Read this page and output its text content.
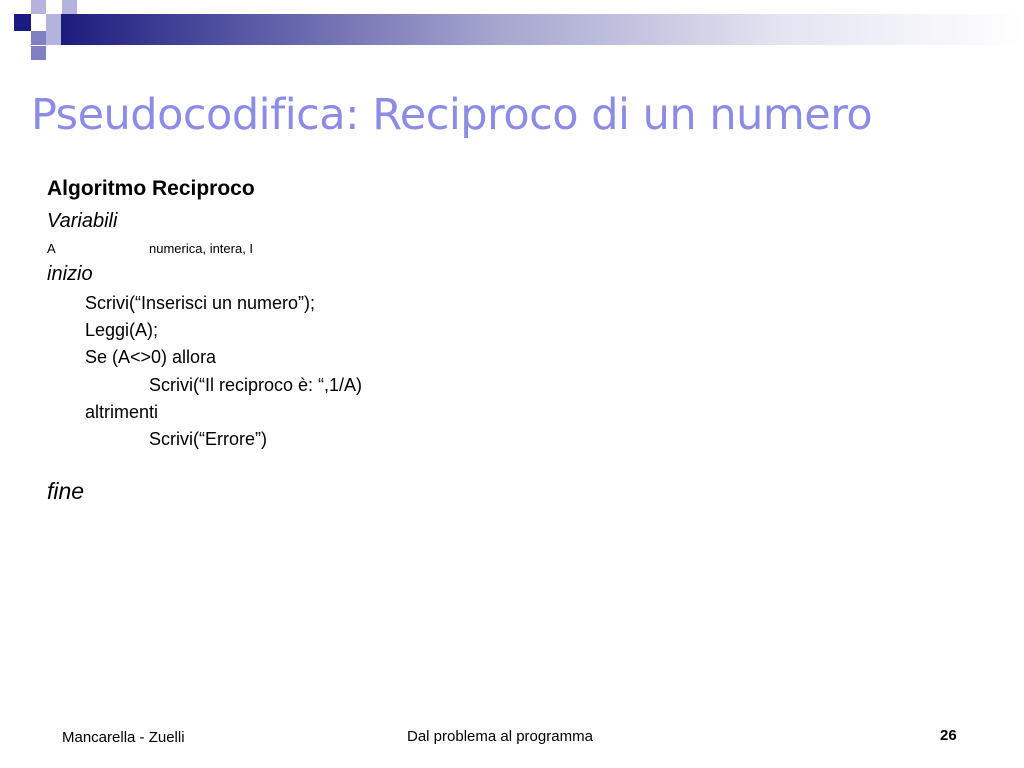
Pseudocodifica: Reciproco di un numero
Algoritmo Reciproco
Variabili
A	numerica, intera, I
inizio
Scrivi(“Inserisci un numero”);
Leggi(A);
Se (A<>0) allora
Scrivi(“Il reciproco è: “,1/A)
altrimenti
Scrivi(“Errore”)
fine
Mancarella - Zuelli	Dal problema al programma	26
